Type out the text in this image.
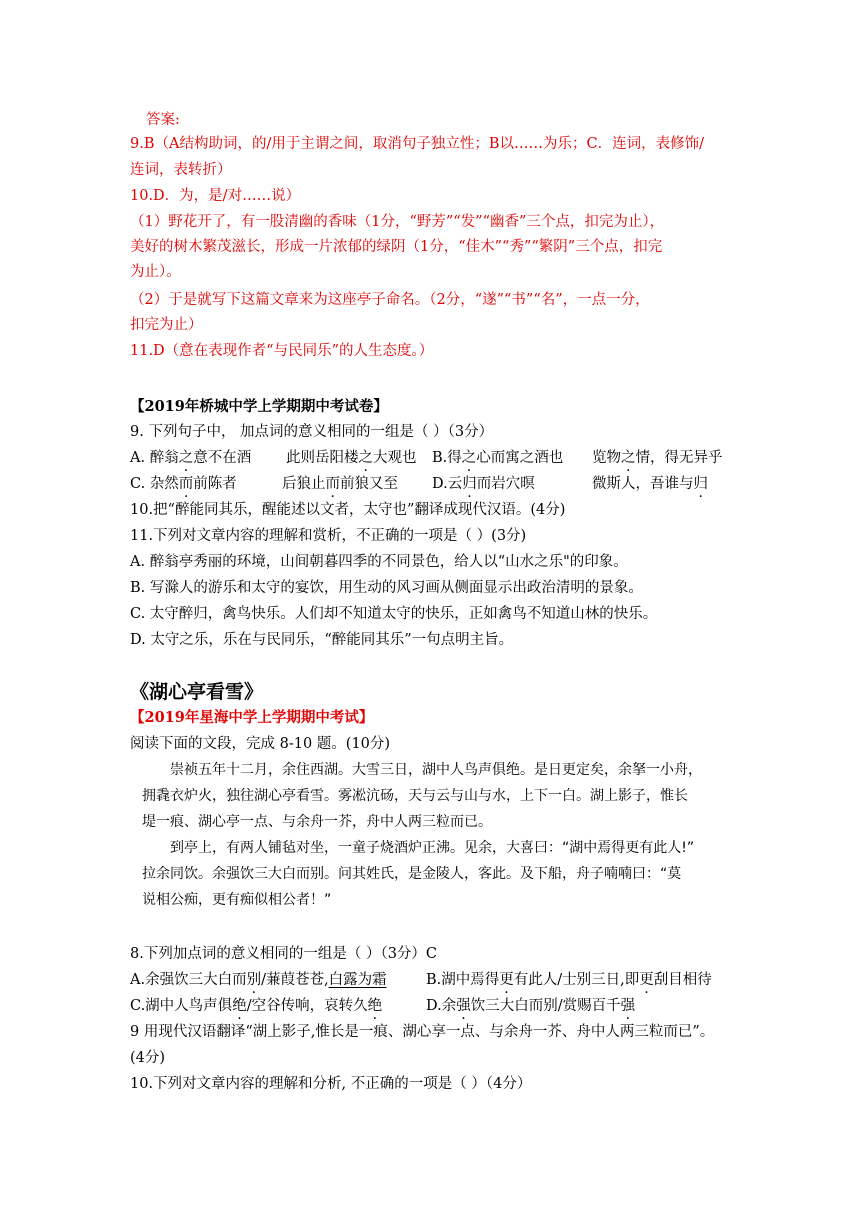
答案:
9.B（A结构助词，的/用于主谓之间，取消句子独立性；B以……为乐；C．连词，表修饰/
连词，表转折）
10.D．为，是/对……说）
（1）野花开了，有一股清幽的香味（1分，“野芳”“发”“幽香”三个点，扣完为止），
美好的树木繁茂滋长，形成一片浓郁的绿阴（1分，“佳木”“秀”“繁阴”三个点，扣完
为止）。
（2）于是就写下这篇文章来为这座亭子命名。（2分，“遂”“书”“名”，一点一分，
扣完为止）
11.D（意在表现作者“与民同乐”的人生态度。）
【2019年桥城中学上学期期中考试卷】
9. 下列句子中， 加点词的意义相同的一组是（ ）（3分）
A. 醉翁之意不在酒 此则岳阳楼之大观也 B.得之心而寓之酒也 览物之情，得无异乎
C. 杂然而前陈者	后狼止而前狼又至 D.云归而岩穴暝	微斯人，吾谁与归
10.把“醉能同其乐，醒能述以文者，太守也”翻译成现代汉语。(4分)
11.下列对文章内容的理解和赏析，不正确的一项是（ ）(3分)
A. 醉翁亭秀丽的环境，山间朝暮四季的不同景色，给人以“山水之乐"的印象。
B. 写滁人的游乐和太守的宴饮，用生动的风习画从侧面显示出政治清明的景象。
C. 太守醉归，禽鸟快乐。人们却不知道太守的快乐，正如禽鸟不知道山林的快乐。
D. 太守之乐，乐在与民同乐，“醉能同其乐”一句点明主旨。
《湖心亭看雪》
【2019年星海中学上学期期中考试】
阅读下面的文段，完成 8-10 题。(10分)
崇祯五年十二月，余住西湖。大雪三日，湖中人鸟声俱绝。是日更定矣，余拏一小舟，
拥毳衣炉火，独往湖心亭看雪。雾凇沆砀，天与云与山与水，上下一白。湖上影子，惟长
堤一痕、湖心亭一点、与余舟一芥，舟中人两三粒而已。
到亭上，有两人铺毡对坐，一童子烧酒炉正沸。见余，大喜曰：“湖中焉得更有此人!”
拉余同饮。余强饮三大白而别。问其姓氏，是金陵人，客此。及下船，舟子喃喃曰：“莫
说相公痴，更有痴似相公者！”
8.下列加点词的意义相同的一组是（ ）（3分）C
A.余强饮三大白而别/蒹葭苍苍,白露为霜	B.湖中焉得更有此人/士别三日,即更刮目相待
C.湖中人鸟声俱绝/空谷传响，哀转久绝	D.余强饮三大白而别/赏赐百千强
9 用现代汉语翻译“湖上影子,惟长是一痕、湖心享一点、与余舟一芥、舟中人两三粒而已”。
(4分)
10.下列对文章内容的理解和分析, 不正确的一项是（ ）（4分）
